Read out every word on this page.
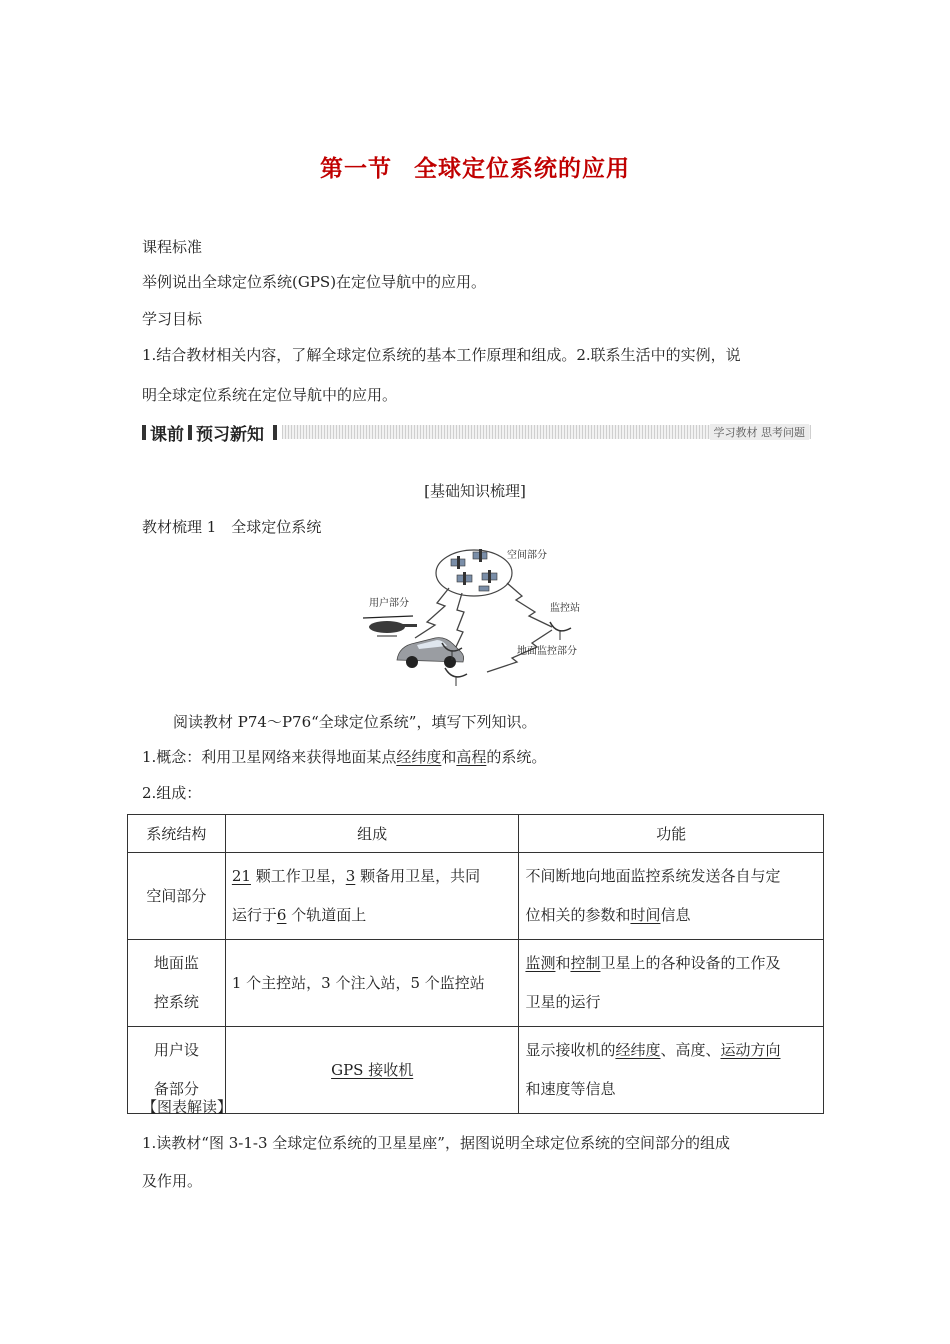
第一节 全球定位系统的应用
课程标准
举例说出全球定位系统(GPS)在定位导航中的应用。
学习目标
1.结合教材相关内容，了解全球定位系统的基本工作原理和组成。2.联系生活中的实例，说
明全球定位系统在定位导航中的应用。
课前 预习新知	学习教材 思考问题
[基础知识梳理]
教材梳理 1　全球定位系统
空间部分
用户部分	监控站
地面监控部分
阅读教材 P74～P76“全球定位系统”，填写下列知识。
1.概念：利用卫星网络来获得地面某点经纬度和高程的系统。
2.组成：
系统结构	组成	功能
空间部分	21 颗工作卫星，3 颗备用卫星，共同
运行于6 个轨道面上	不间断地向地面监控系统发送各自与定
位相关的参数和时间信息
地面监
控系统	1 个主控站，3 个注入站，5 个监控站	监测和控制卫星上的各种设备的工作及
卫星的运行
用户设
备部分	GPS 接收机	显示接收机的经纬度、高度、运动方向
和速度等信息
【图表解读】
1.读教材“图 3-1-3 全球定位系统的卫星星座”，据图说明全球定位系统的空间部分的组成
及作用。
